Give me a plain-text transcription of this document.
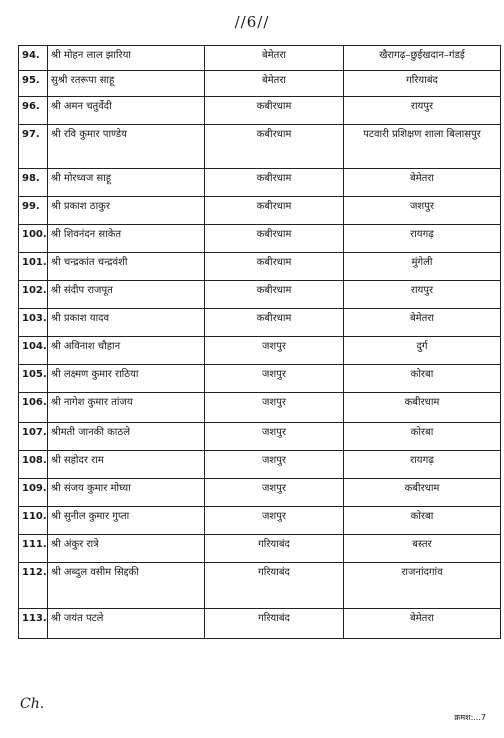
//6//
94.	श्री मोहन लाल झारिया	बेमेतरा	खैरागढ़–छुईखदान–गंडई
95.	सुश्री रतरूपा साहू	बेमेतरा	गरियाबंद
96.	श्री अमन चतुर्वेदी	कबीरधाम	रायपुर
97.	श्री रवि कुमार पाण्डेय	कबीरधाम	पटवारी प्रशिक्षण शाला बिलासपुर
98.	श्री मोरध्वज साहू	कबीरधाम	बेमेतरा
99.	श्री प्रकाश ठाकुर	कबीरधाम	जशपुर
100.	श्री शिवनंदन साकेत	कबीरधाम	रायगढ़
101.	श्री चन्द्रकांत चन्द्रवंशी	कबीरधाम	मुंगेली
102.	श्री संदीप राजपूत	कबीरधाम	रायपुर
103.	श्री प्रकाश यादव	कबीरधाम	बेमेतरा
104.	श्री अविनाश चौहान	जशपुर	दुर्ग
105.	श्री लक्ष्मण कुमार राठिया	जशपुर	कोरबा
106.	श्री नागेश कुमार तांजय	जशपुर	कबीरधाम
107.	श्रीमती जानकी काठले	जशपुर	कोरबा
108.	श्री सहोदर राम	जशपुर	रायगढ़
109.	श्री संजय कुमार मोघ्या	जशपुर	कबीरधाम
110.	श्री सुनील कुमार गुप्ता	जशपुर	कोरबा
111.	श्री अंकुर रात्रे	गरियाबंद	बस्तर
112.	श्री अब्दुल वसीम सिद्दकी	गरियाबंद	राजनांदगांव
113.	श्री जयंत पटले	गरियाबंद	बेमेतरा
Ch.
क्रमश:...7
